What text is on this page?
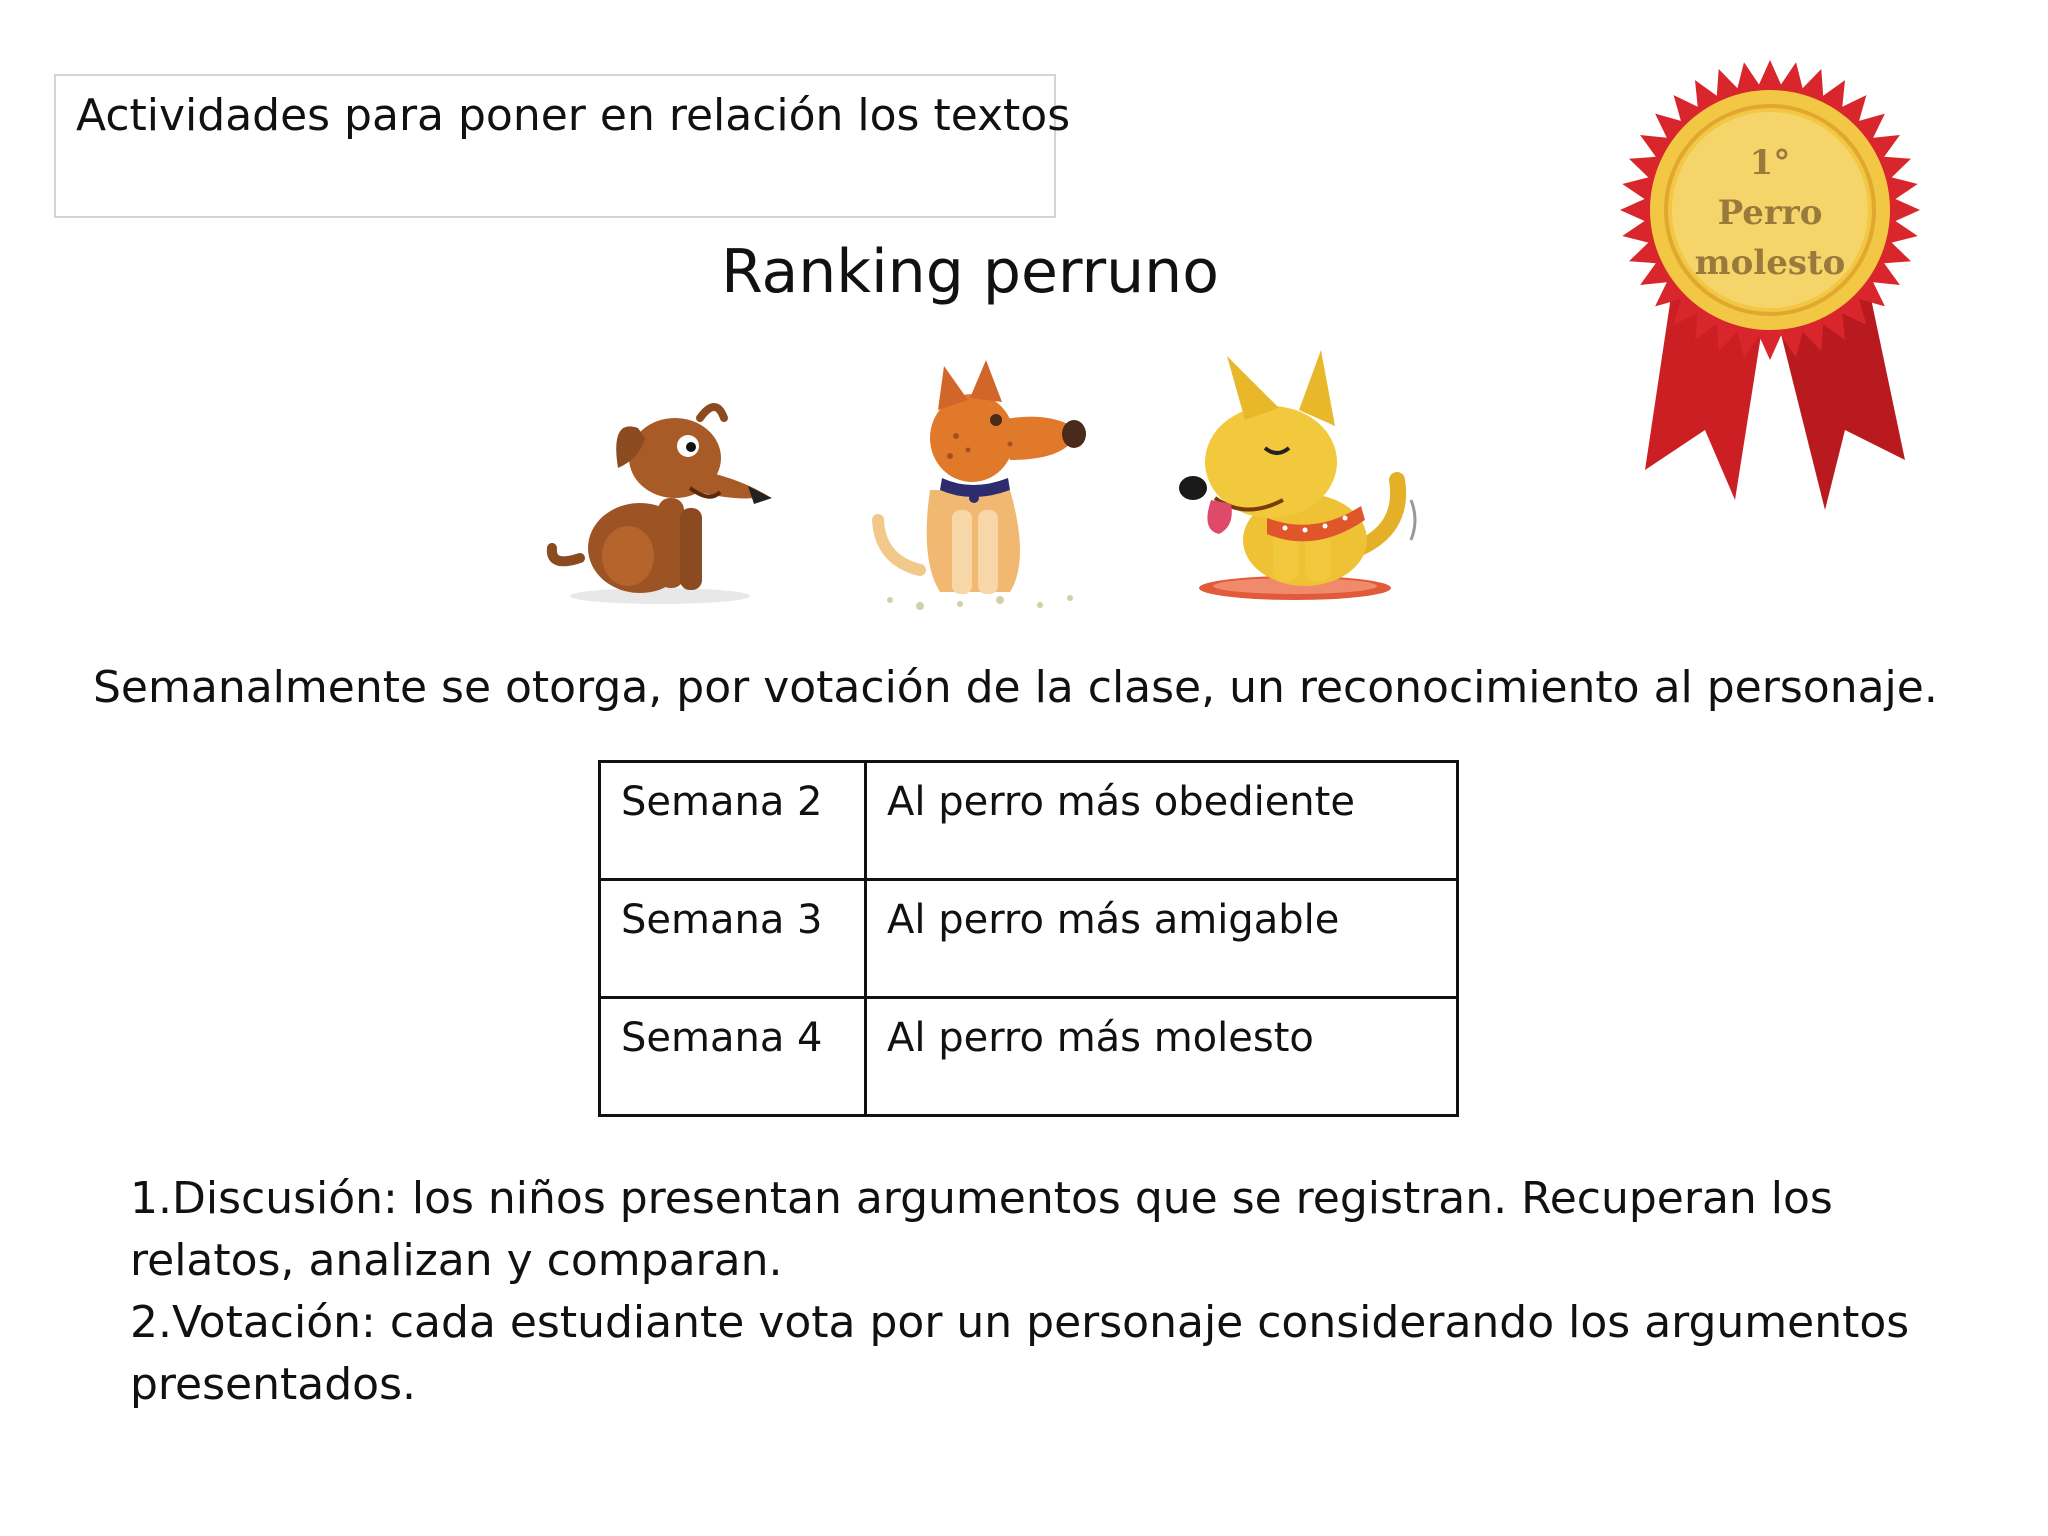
Actividades para poner en relación los textos
Ranking perruno
1°
Perro
molesto
Semanalmente se otorga, por votación de la clase, un reconocimiento al personaje.
Semana 2	Al perro más obediente
Semana 3	Al perro más amigable
Semana 4	Al perro más molesto

1.Discusión: los niños presentan argumentos que se registran. Recuperan los relatos, analizan y comparan.

2.Votación: cada estudiante vota por un personaje considerando los argumentos presentados.
